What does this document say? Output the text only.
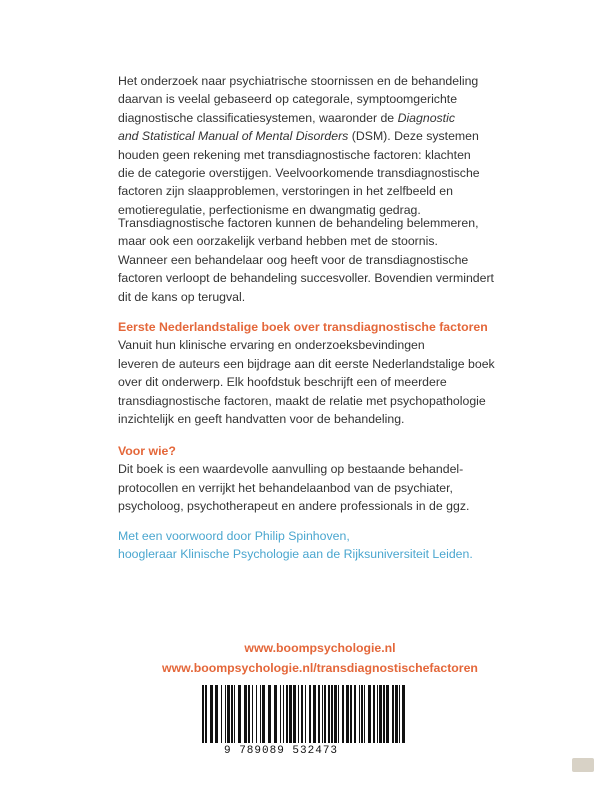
Het onderzoek naar psychiatrische stoornissen en de behandeling

daarvan is veelal gebaseerd op categorale, symptoomgerichte

diagnostische classificatiesystemen, waaronder de Diagnostic

and Statistical Manual of Mental Disorders (DSM). Deze systemen

houden geen rekening met transdiagnostische factoren: klachten

die de categorie overstijgen. Veelvoorkomende transdiagnostische

factoren zijn slaapproblemen, verstoringen in het zelfbeeld en

emotieregulatie, perfectionisme en dwangmatig gedrag.

Transdiagnostische factoren kunnen de behandeling belemmeren,

maar ook een oorzakelijk verband hebben met de stoornis.

Wanneer een behandelaar oog heeft voor de transdiagnostische

factoren verloopt de behandeling succesvoller. Bovendien vermindert

dit de kans op terugval.

Eerste Nederlandstalige boek over transdiagnostische factoren

Vanuit hun klinische ervaring en onderzoeksbevindingen

leveren de auteurs een bijdrage aan dit eerste Nederlandstalige boek

over dit onderwerp. Elk hoofdstuk beschrijft een of meerdere

transdiagnostische factoren, maakt de relatie met psychopathologie

inzichtelijk en geeft handvatten voor de behandeling.

Voor wie?

Dit boek is een waardevolle aanvulling op bestaande behandel-

protocollen en verrijkt het behandelaanbod van de psychiater,

psycholoog, psychotherapeut en andere professionals in de ggz.

Met een voorwoord door Philip Spinhoven,

hoogleraar Klinische Psychologie aan de Rijksuniversiteit Leiden.

www.boompsychologie.nl
www.boompsychologie.nl/transdiagnostischefactoren
9 789089 532473
